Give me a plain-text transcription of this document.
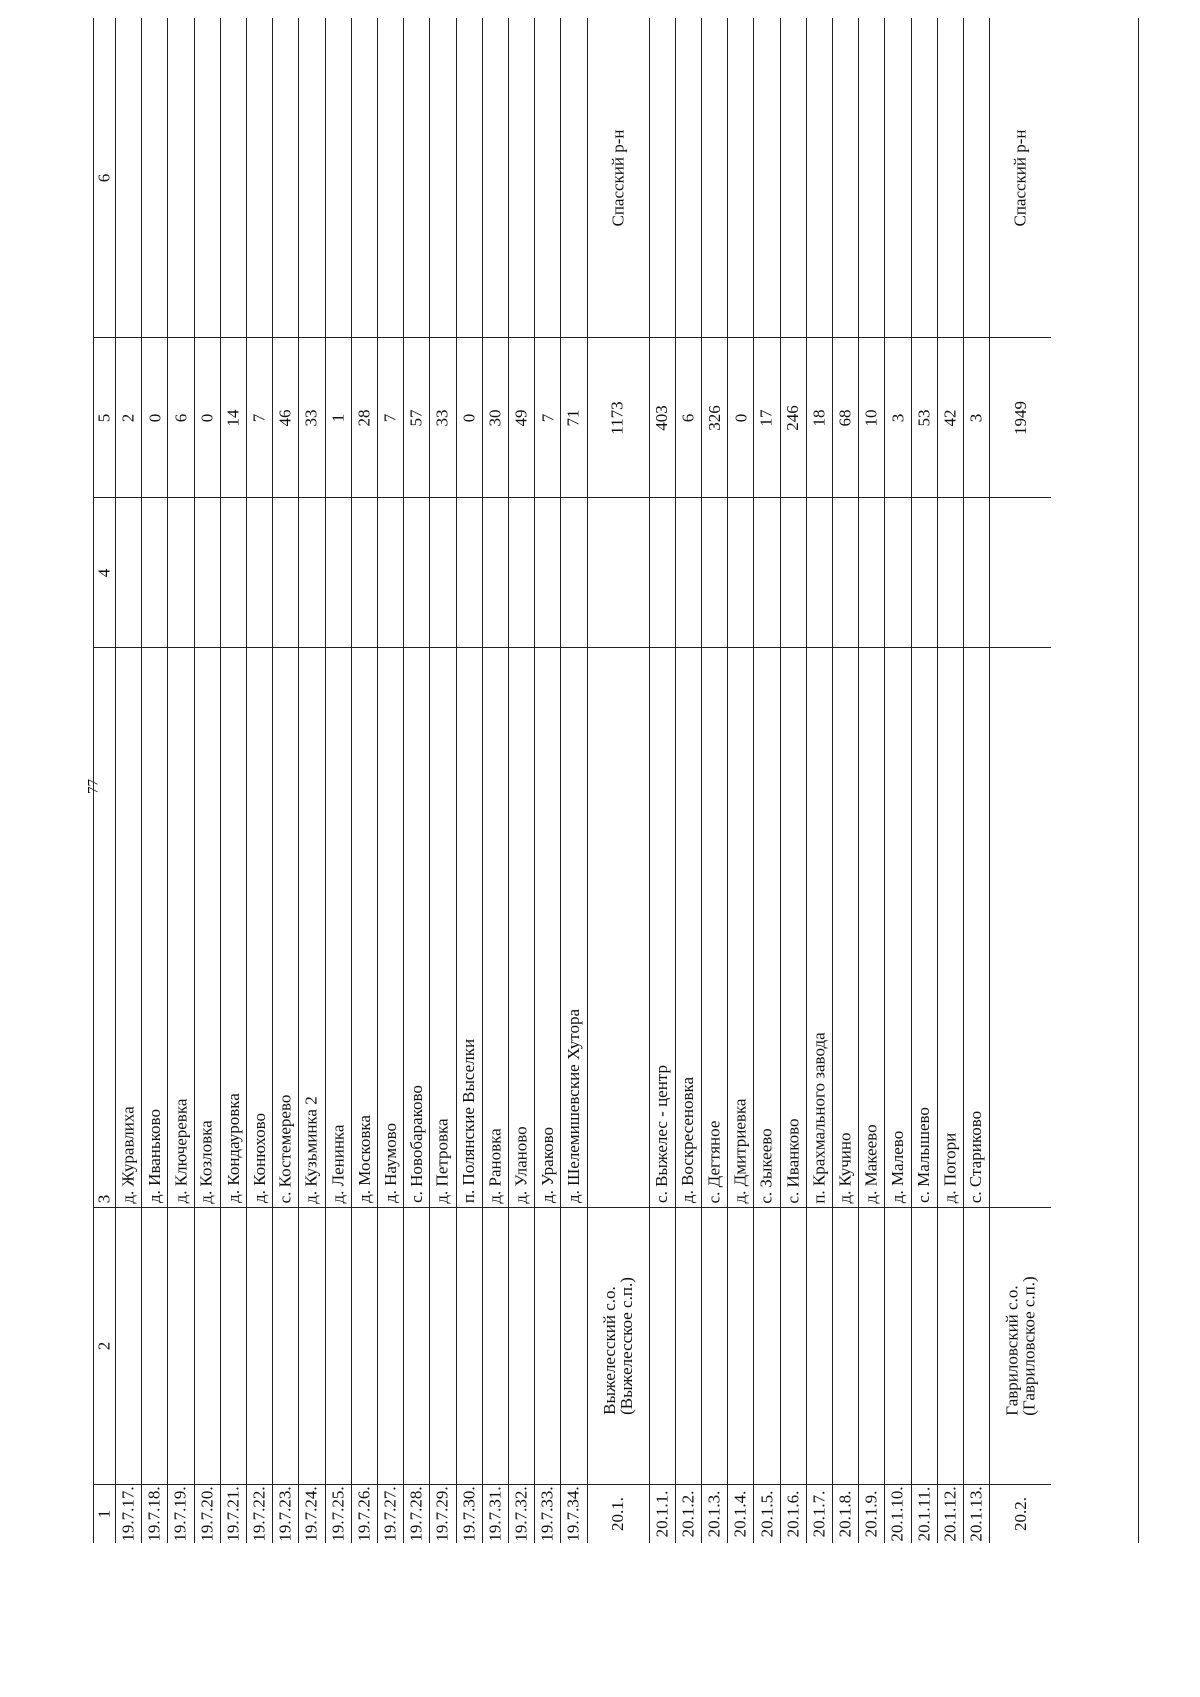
77
6
5
4
3
2
1
2
д. Журавлиха
19.7.17.
0
д. Иваньково
19.7.18.
6
д. Ключеревка
19.7.19.
0
д. Козловка
19.7.20.
14
д. Кондауровка
19.7.21.
7
д. Конюхово
19.7.22.
46
с. Костемерево
19.7.23.
33
д. Кузьминка 2
19.7.24.
1
д. Ленинка
19.7.25.
28
д. Московка
19.7.26.
7
д. Наумово
19.7.27.
57
с. Новобараково
19.7.28.
33
д. Петровка
19.7.29.
0
п. Полянские Выселки
19.7.30.
30
д. Рановка
19.7.31.
49
д. Уланово
19.7.32.
7
д. Ураково
19.7.33.
71
д. Шелемишевские Хутора
19.7.34.
Спасский р-н
1173
Выжелесский с.о.
(Выжелесское с.п.)
20.1.
403
с. Выжелес - центр
20.1.1.
6
д. Воскресеновка
20.1.2.
326
с. Дегтяное
20.1.3.
0
д. Дмитриевка
20.1.4.
17
с. Зыкеево
20.1.5.
246
с. Иванково
20.1.6.
18
п. Крахмального завода
20.1.7.
68
д. Кучино
20.1.8.
10
д. Макеево
20.1.9.
3
д. Малево
20.1.10.
53
с. Малышево
20.1.11.
42
д. Погори
20.1.12.
3
с. Стариково
20.1.13.
Спасский р-н
1949
Гавриловский с.о.
(Гавриловское с.п.)
20.2.
